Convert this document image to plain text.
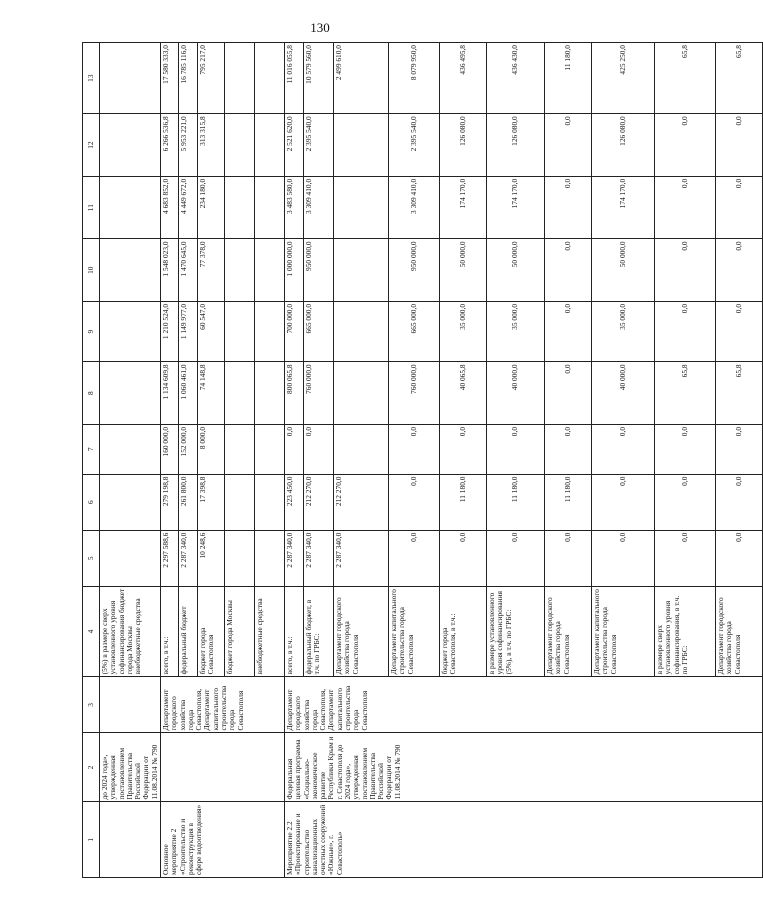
130
1	2	3	4	5	6	7	8	9	10	11	12	13
	до 2024 года», утвержденная постановлением Правительства Российской Федерации от 11.08.2014 № 790		(5%) в размере сверх установленного уровня софинансирования бюджет города Москвы внебюджетные средства									
Основное мероприятие 2 «Строительство и реконструкция в сфере водоотведения»		Департамент городского хозяйства города Севастополя, Департамент капитального строительства города Севастополя	всего, в т.ч.:	2 297 588,6	279 198,8	160 000,0	1 134 609,8	1 210 524,0	1 548 023,0	4 683 852,0	6 266 536,8	17 580 333,0
			федеральный бюджет	2 287 340,0	261 800,0	152 000,0	1 060 461,0	1 149 977,0	1 470 645,0	4 449 672,0	5 953 221,0	16 785 116,0
			бюджет города Севастополя	10 248,6	17 398,8	8 000,0	74 148,8	60 547,0	77 378,0	234 180,0	313 315,8	795 217,0
			бюджет города Москвы									
			внебюджетные средства									
Мероприятие 2.2 «Проектирование и строительство канализационных очистных сооружений «Южные», г. Севастополь»	Федеральная целевая программа «Социально-экономическое развитие Республики Крым и г. Севастополя до 2024 года», утвержденная постановлением Правительства Российской Федерации от 11.08.2014 № 790	Департамент городского хозяйства города Севастополя, Департамент капитального строительства города Севастополя	всего, в т.ч.:	2 287 340,0	223 450,0	0,0	800 065,8	700 000,0	1 000 000,0	3 483 580,0	2 521 620,0	11 016 055,8
			федеральный бюджет, в т.ч. по ГРБС:	2 287 340,0	212 270,0	0,0	760 000,0	665 000,0	950 000,0	3 309 410,0	2 395 540,0	10 579 560,0
			Департамент городского хозяйства города Севастополя	2 287 340,0	212 270,0							2 499 610,0
			Департамент капитального строительства города Севастополя	0,0	0,0	0,0	760 000,0	665 000,0	950 000,0	3 309 410,0	2 395 540,0	8 079 950,0
			бюджет города Севастополя, в т.ч.:	0,0	11 180,0	0,0	40 065,8	35 000,0	50 000,0	174 170,0	126 080,0	436 495,8
			в размере установленного уровня софинансирования (5%), в т.ч. по ГРБС:	0,0	11 180,0	0,0	40 000,0	35 000,0	50 000,0	174 170,0	126 080,0	436 430,0
			Департамент городского хозяйства города Севастополя	0,0	11 180,0	0,0	0,0	0,0	0,0	0,0	0,0	11 180,0
			Департамент капитального строительства города Севастополя	0,0	0,0	0,0	40 000,0	35 000,0	50 000,0	174 170,0	126 080,0	425 250,0
			в размере сверх установленного уровня софинансирования, в т.ч. по ГРБС:	0,0	0,0	0,0	65,8	0,0	0,0	0,0	0,0	65,8
			Департамент городского хозяйства города Севастополя	0,0	0,0	0,0	65,8	0,0	0,0	0,0	0,0	65,8
